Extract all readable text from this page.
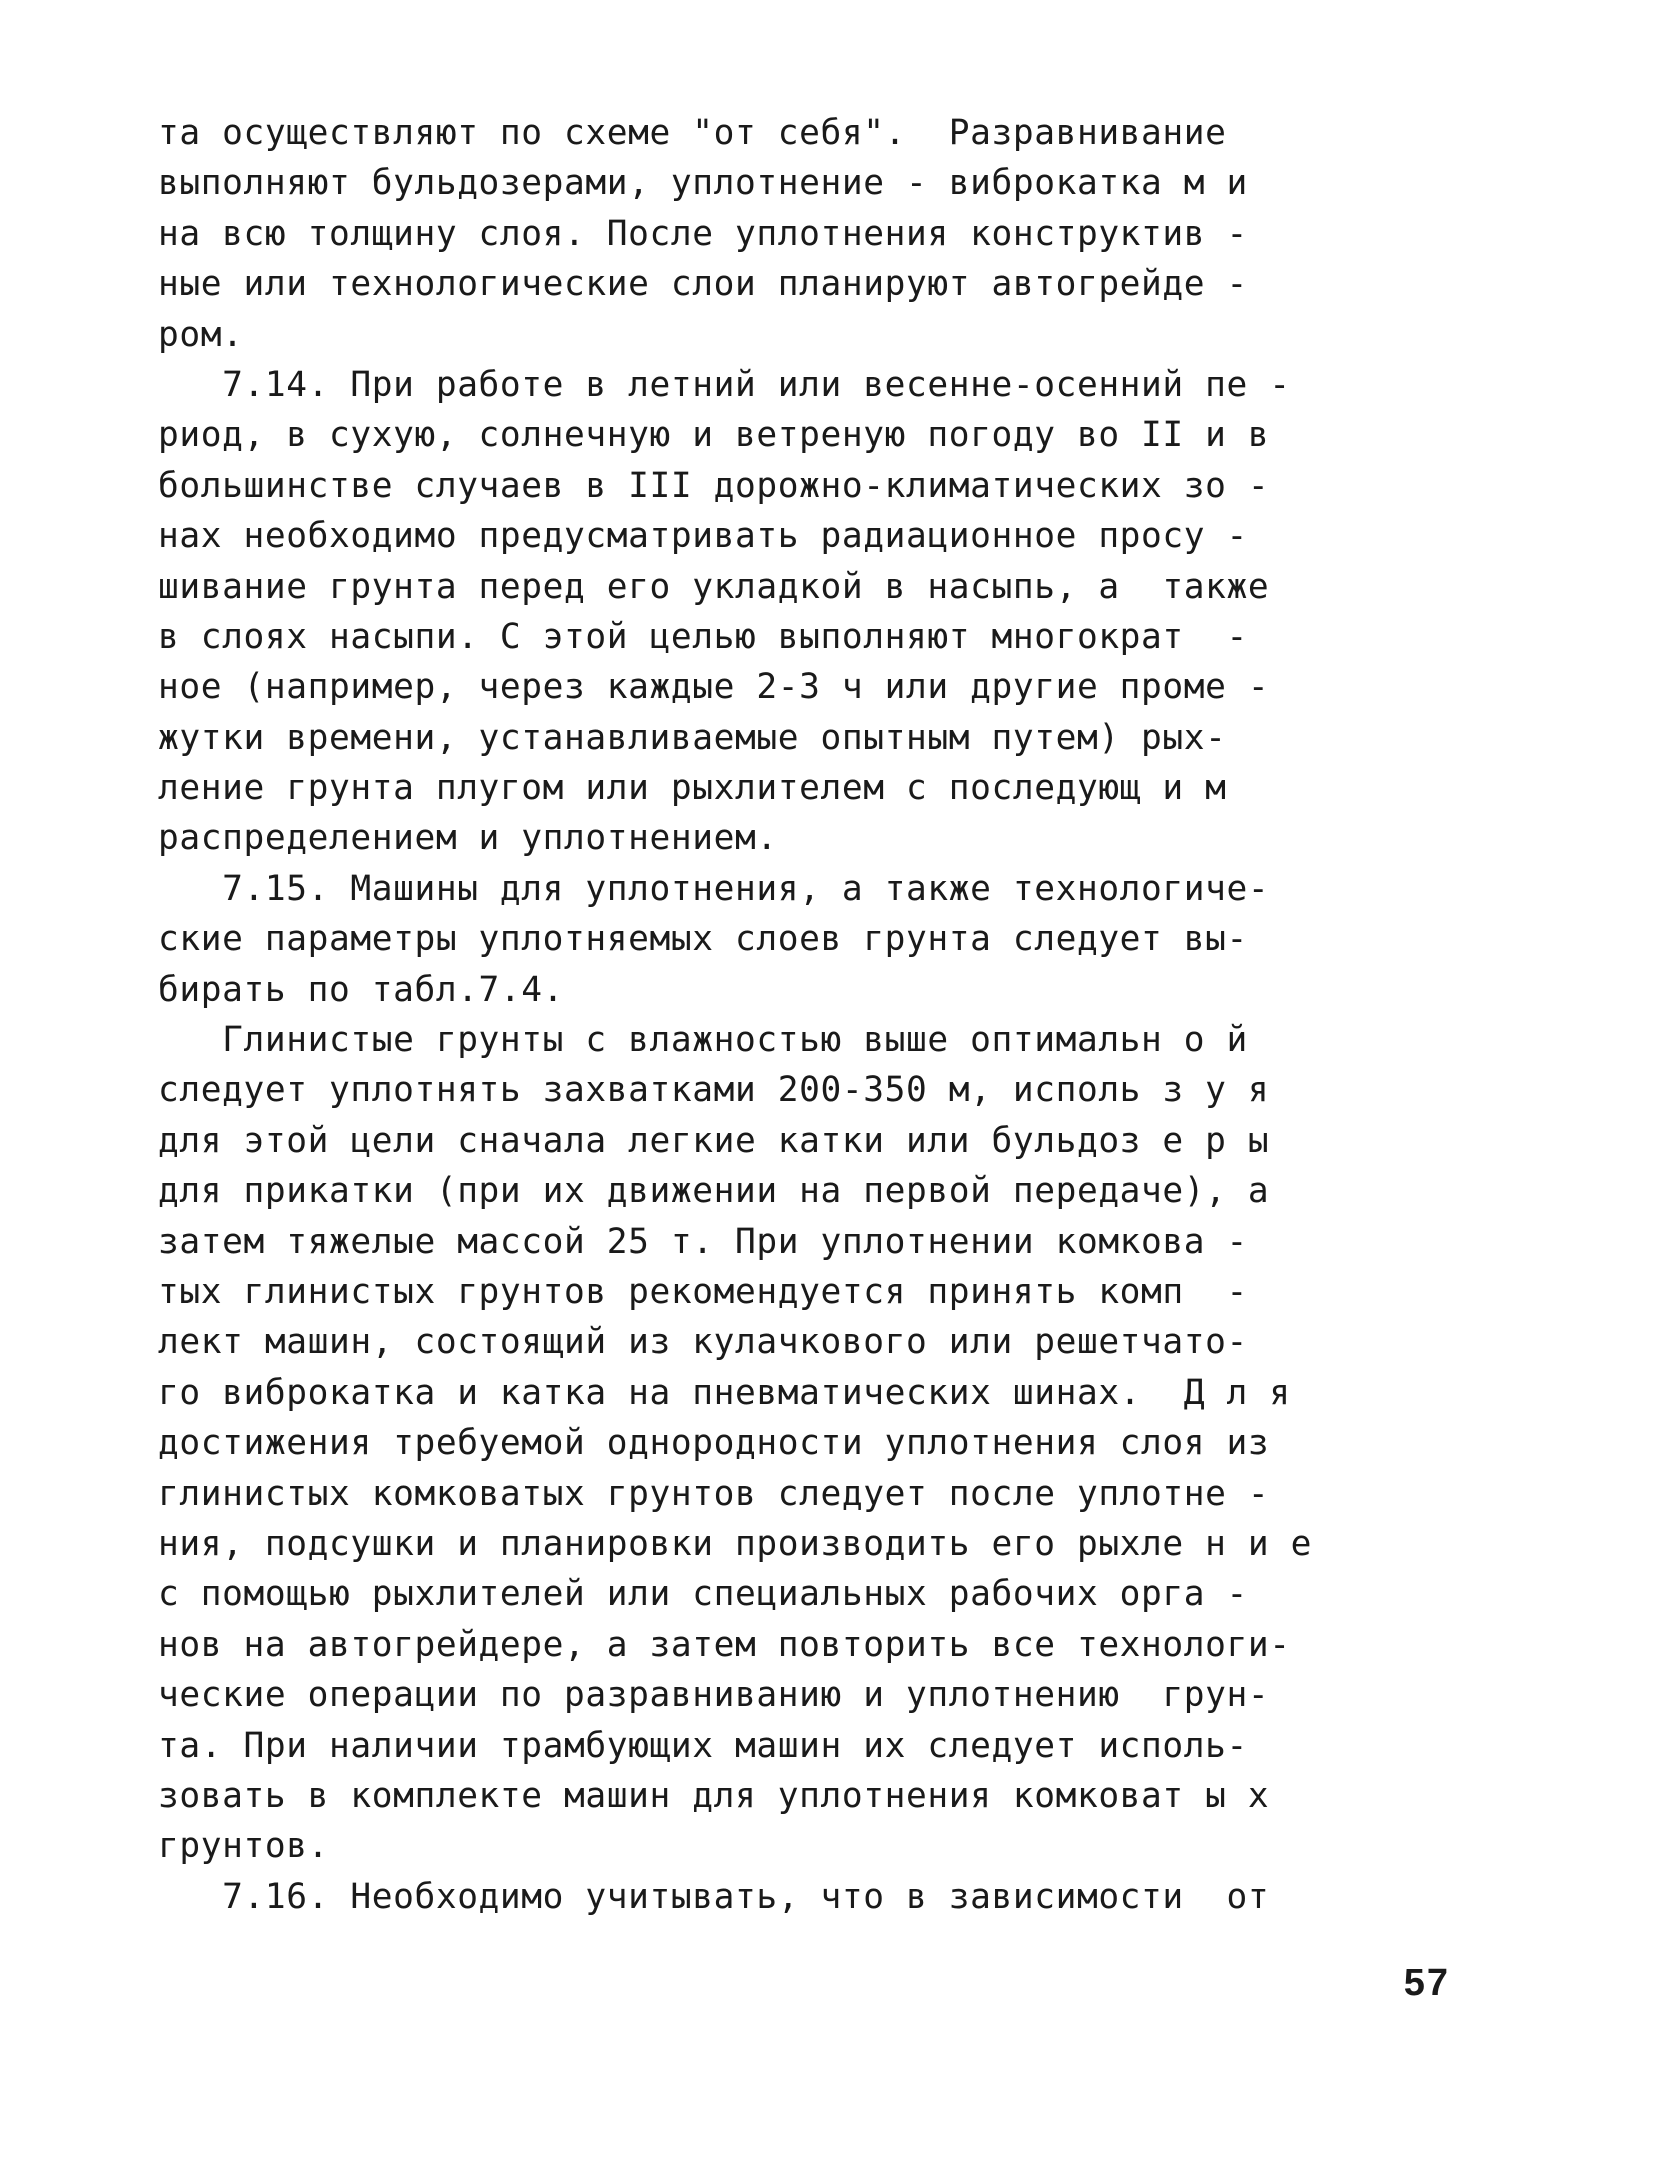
та осуществляют по схеме "от себя".  Разравнивание
выполняют бульдозерами, уплотнение - виброкатка м и
на всю толщину слоя. После уплотнения конструктив -
ные или технологические слои планируют автогрейде -
ром.
7.14. При работе в летний или весенне-осенний пе -
риод, в сухую, солнечную и ветреную погоду во II и в
большинстве случаев в III дорожно-климатических зо -
нах необходимо предусматривать радиационное просу -
шивание грунта перед его укладкой в насыпь, а  также
в слоях насыпи. С этой целью выполняют многократ  -
ное (например, через каждые 2-3 ч или другие проме -
жутки времени, устанавливаемые опытным путем) рых-
ление грунта плугом или рыхлителем с последующ и м
распределением и уплотнением.
7.15. Машины для уплотнения, а также технологиче-
ские параметры уплотняемых слоев грунта следует вы-
бирать по табл.7.4.
Глинистые грунты с влажностью выше оптимальн о й
следует уплотнять захватками 200-350 м, исполь з у я
для этой цели сначала легкие катки или бульдоз е р ы
для прикатки (при их движении на первой передаче), а
затем тяжелые массой 25 т. При уплотнении комкова -
тых глинистых грунтов рекомендуется принять комп  -
лект машин, состоящий из кулачкового или решетчато-
го виброкатка и катка на пневматических шинах.  Д л я
достижения требуемой однородности уплотнения слоя из
глинистых комковатых грунтов следует после уплотне -
ния, подсушки и планировки производить его рыхле н и е
с помощью рыхлителей или специальных рабочих орга -
нов на автогрейдере, а затем повторить все технологи-
ческие операции по разравниванию и уплотнению  грун-
та. При наличии трамбующих машин их следует исполь-
зовать в комплекте машин для уплотнения комковат ы х
грунтов.
7.16. Необходимо учитывать, что в зависимости  от
57
